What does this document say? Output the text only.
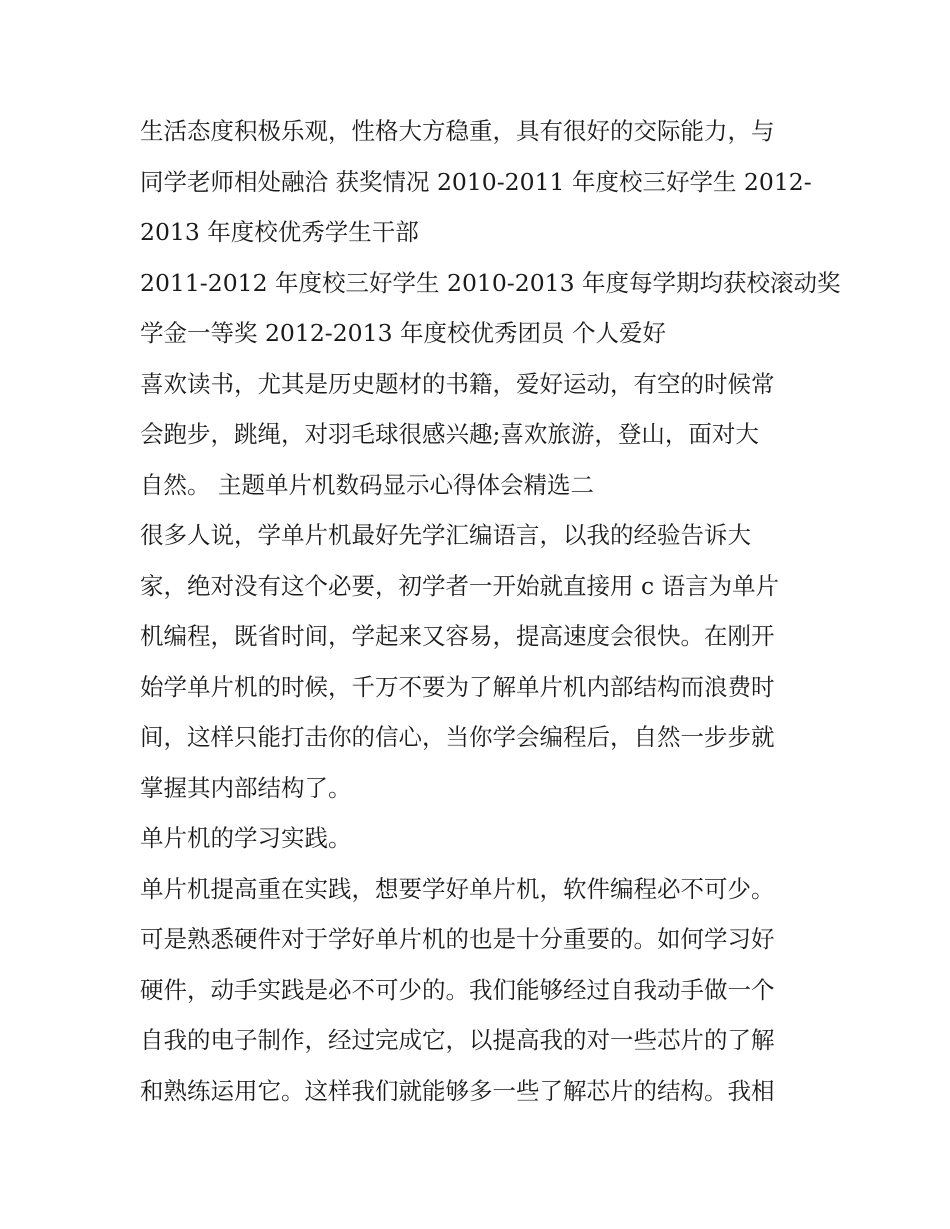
生活态度积极乐观，性格大方稳重，具有很好的交际能力，与
同学老师相处融洽 获奖情况 2010-2011 年度校三好学生 2012-
2013 年度校优秀学生干部
2011-2012 年度校三好学生 2010-2013 年度每学期均获校滚动奖
学金一等奖 2012-2013 年度校优秀团员 个人爱好
喜欢读书，尤其是历史题材的书籍，爱好运动，有空的时候常
会跑步，跳绳，对羽毛球很感兴趣;喜欢旅游，登山，面对大
自然。 主题单片机数码显示心得体会精选二
很多人说，学单片机最好先学汇编语言，以我的经验告诉大
家，绝对没有这个必要，初学者一开始就直接用 c 语言为单片
机编程，既省时间，学起来又容易，提高速度会很快。在刚开
始学单片机的时候，千万不要为了解单片机内部结构而浪费时
间，这样只能打击你的信心，当你学会编程后，自然一步步就
掌握其内部结构了。
单片机的学习实践。
单片机提高重在实践，想要学好单片机，软件编程必不可少。
可是熟悉硬件对于学好单片机的也是十分重要的。如何学习好
硬件，动手实践是必不可少的。我们能够经过自我动手做一个
自我的电子制作，经过完成它，以提高我的对一些芯片的了解
和熟练运用它。这样我们就能够多一些了解芯片的结构。我相
